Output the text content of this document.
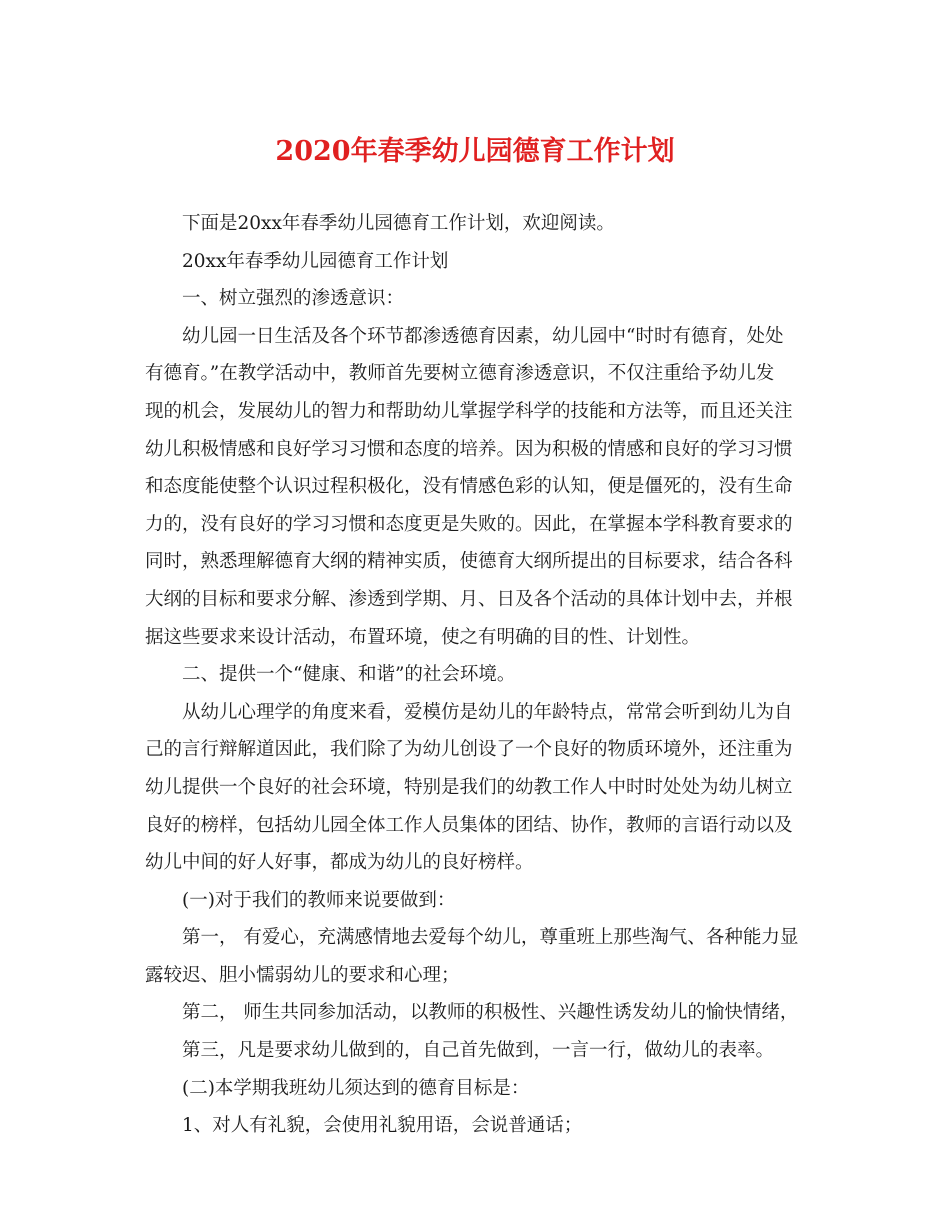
2020年春季幼儿园德育工作计划
下面是20xx年春季幼儿园德育工作计划，欢迎阅读。
20xx年春季幼儿园德育工作计划
一、树立强烈的渗透意识：
幼儿园一日生活及各个环节都渗透德育因素，幼儿园中“时时有德育，处处
有德育。”在教学活动中，教师首先要树立德育渗透意识，不仅注重给予幼儿发
现的机会，发展幼儿的智力和帮助幼儿掌握学科学的技能和方法等，而且还关注
幼儿积极情感和良好学习习惯和态度的培养。因为积极的情感和良好的学习习惯
和态度能使整个认识过程积极化，没有情感色彩的认知，便是僵死的，没有生命
力的，没有良好的学习习惯和态度更是失败的。因此，在掌握本学科教育要求的
同时，熟悉理解德育大纲的精神实质，使德育大纲所提出的目标要求，结合各科
大纲的目标和要求分解、渗透到学期、月、日及各个活动的具体计划中去，并根
据这些要求来设计活动，布置环境，使之有明确的目的性、计划性。
二、提供一个“健康、和谐”的社会环境。
从幼儿心理学的角度来看，爱模仿是幼儿的年龄特点，常常会听到幼儿为自
己的言行辩解道因此，我们除了为幼儿创设了一个良好的物质环境外，还注重为
幼儿提供一个良好的社会环境，特别是我们的幼教工作人中时时处处为幼儿树立
良好的榜样，包括幼儿园全体工作人员集体的团结、协作，教师的言语行动以及
幼儿中间的好人好事，都成为幼儿的良好榜样。
(一)对于我们的教师来说要做到：
第一， 有爱心，充满感情地去爱每个幼儿，尊重班上那些淘气、各种能力显
露较迟、胆小懦弱幼儿的要求和心理；
第二， 师生共同参加活动，以教师的积极性、兴趣性诱发幼儿的愉快情绪，
第三，凡是要求幼儿做到的，自己首先做到，一言一行，做幼儿的表率。
(二)本学期我班幼儿须达到的德育目标是：
1、对人有礼貌，会使用礼貌用语，会说普通话；
